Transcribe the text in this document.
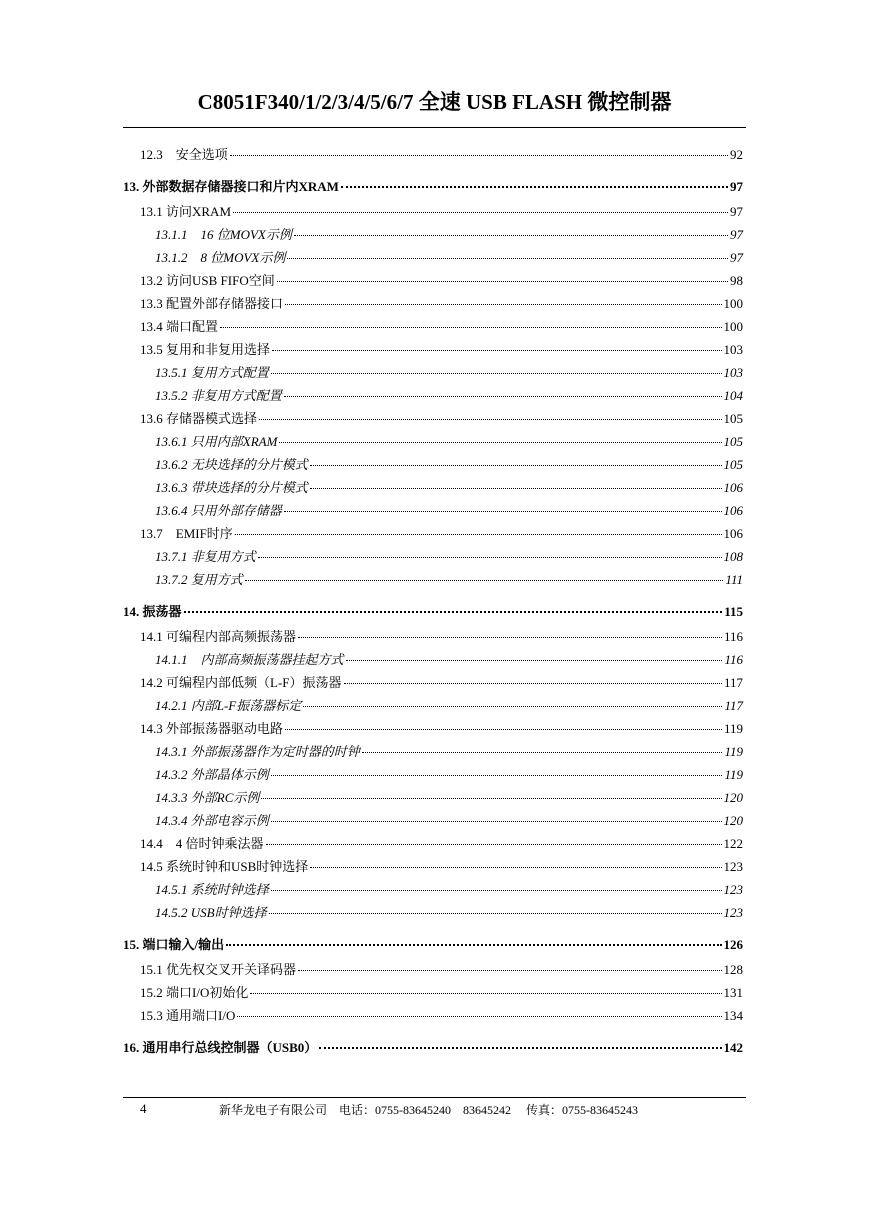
C8051F340/1/2/3/4/5/6/7 全速 USB FLASH 微控制器
12.3　安全选项	92
13. 外部数据存储器接口和片内XRAM	97
13.1 访问XRAM	97
13.1.1　16 位MOVX示例	97
13.1.2　8 位MOVX示例	97
13.2 访问USB FIFO空间	98
13.3 配置外部存储器接口	100
13.4 端口配置	100
13.5 复用和非复用选择	103
13.5.1 复用方式配置	103
13.5.2 非复用方式配置	104
13.6 存储器模式选择	105
13.6.1 只用内部XRAM	105
13.6.2 无块选择的分片模式	105
13.6.3 带块选择的分片模式	106
13.6.4 只用外部存储器	106
13.7　EMIF时序	106
13.7.1 非复用方式	108
13.7.2 复用方式	111
14. 振荡器	115
14.1 可编程内部高频振荡器	116
14.1.1　内部高频振荡器挂起方式	116
14.2 可编程内部低频（L-F）振荡器	117
14.2.1 内部L-F振荡器标定	117
14.3 外部振荡器驱动电路	119
14.3.1 外部振荡器作为定时器的时钟	119
14.3.2 外部晶体示例	119
14.3.3 外部RC示例	120
14.3.4 外部电容示例	120
14.4　4 倍时钟乘法器	122
14.5 系统时钟和USB时钟选择	123
14.5.1 系统时钟选择	123
14.5.2 USB时钟选择	123
15. 端口输入/输出	126
15.1 优先权交叉开关译码器	128
15.2 端口I/O初始化	131
15.3 通用端口I/O	134
16. 通用串行总线控制器（USB0）	142
4	新华龙电子有限公司　电话：0755-83645240　83645242　 传真：0755-83645243
